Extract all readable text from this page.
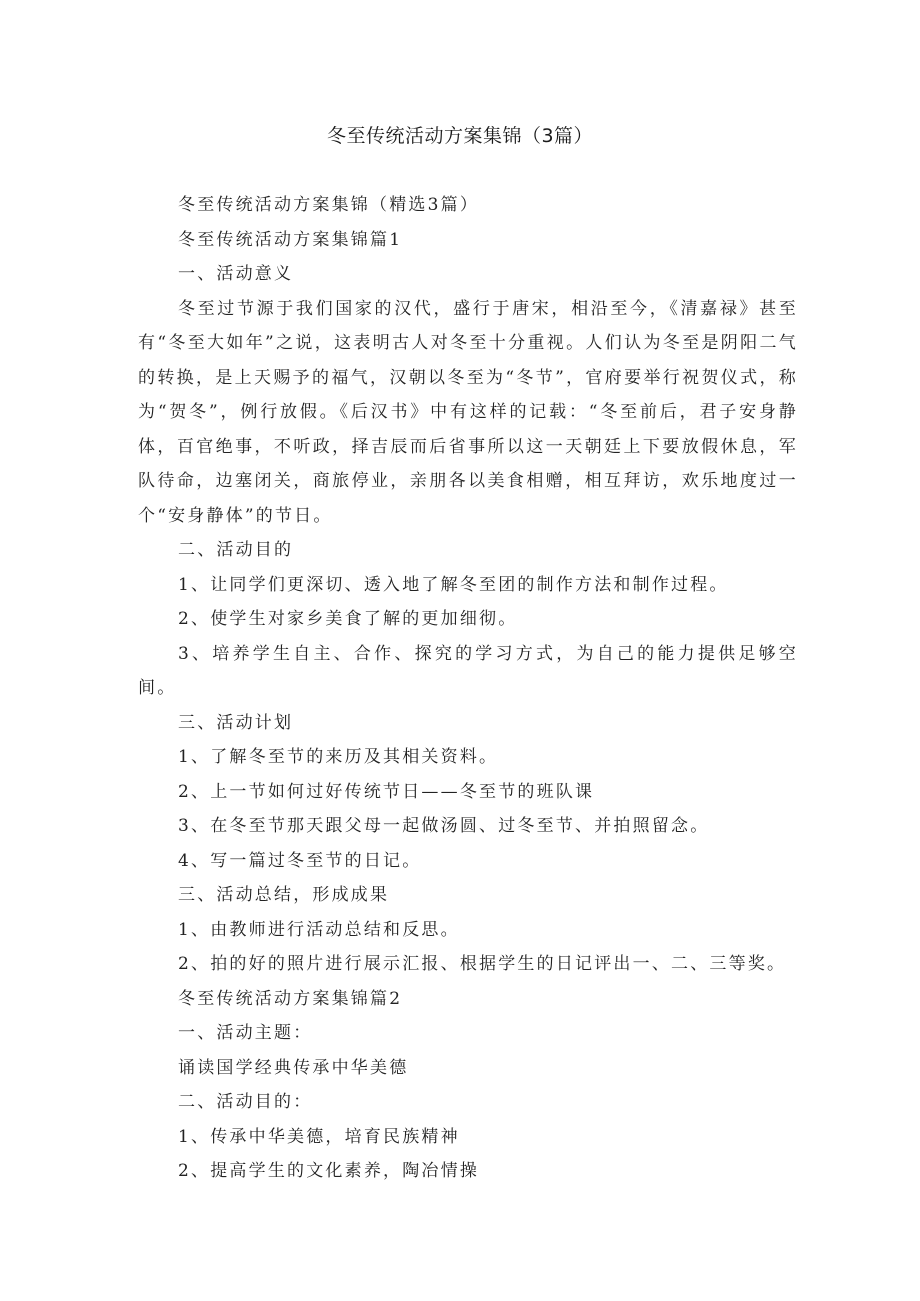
冬至传统活动方案集锦（3篇）

冬至传统活动方案集锦（精选3篇）

冬至传统活动方案集锦篇1

一、活动意义

冬至过节源于我们国家的汉代，盛行于唐宋，相沿至今，《清嘉禄》甚至有“冬至大如年”之说，这表明古人对冬至十分重视。人们认为冬至是阴阳二气的转换，是上天赐予的福气，汉朝以冬至为“冬节”，官府要举行祝贺仪式，称为“贺冬”，例行放假。《后汉书》中有这样的记载：“冬至前后，君子安身静体，百官绝事，不听政，择吉辰而后省事所以这一天朝廷上下要放假休息，军队待命，边塞闭关，商旅停业，亲朋各以美食相赠，相互拜访，欢乐地度过一个“安身静体”的节日。

二、活动目的

1、让同学们更深切、透入地了解冬至团的制作方法和制作过程。

2、使学生对家乡美食了解的更加细彻。

3、培养学生自主、合作、探究的学习方式，为自己的能力提供足够空间。

三、活动计划

1、了解冬至节的来历及其相关资料。

2、上一节如何过好传统节日——冬至节的班队课

3、在冬至节那天跟父母一起做汤圆、过冬至节、并拍照留念。

4、写一篇过冬至节的日记。

三、活动总结，形成成果

1、由教师进行活动总结和反思。

2、拍的好的照片进行展示汇报、根据学生的日记评出一、二、三等奖。

冬至传统活动方案集锦篇2

一、活动主题：

诵读国学经典传承中华美德

二、活动目的：

1、传承中华美德，培育民族精神

2、提高学生的文化素养，陶冶情操
